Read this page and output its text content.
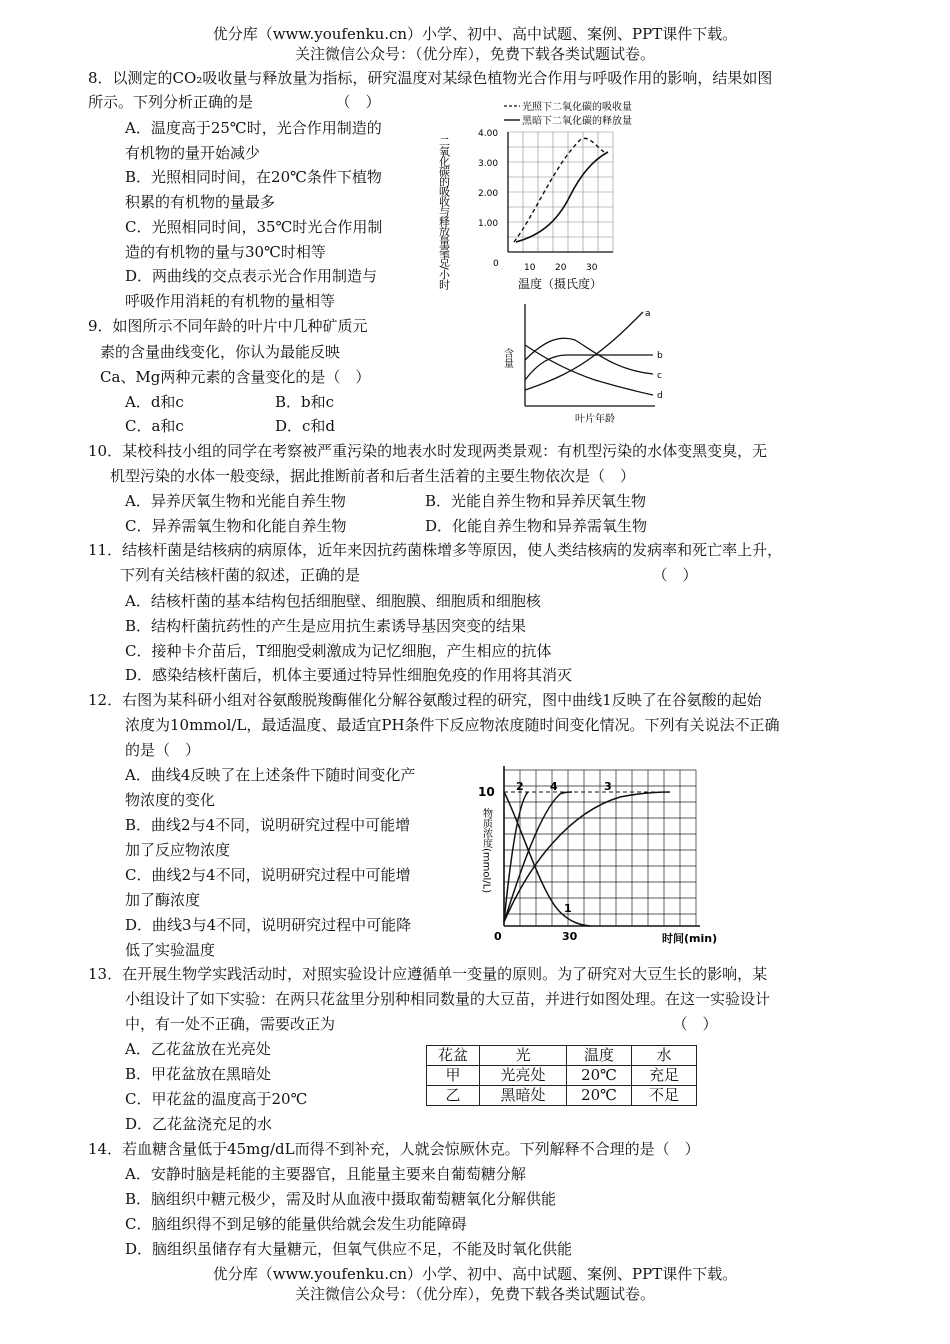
优分库（www.youfenku.cn）小学、初中、高中试题、案例、PPT课件下载。
关注微信公众号：（优分库），免费下载各类试题试卷。
8．以测定的CO₂吸收量与释放量为指标，研究温度对某绿色植物光合作用与呼吸作用的影响，结果如图
所示。下列分析正确的是　　　　　　（　）
A．温度高于25℃时，光合作用制造的
有机物的量开始减少
B．光照相同时间，在20℃条件下植物
积累的有机物的量最多
C．光照相同时间，35℃时光合作用制
造的有机物的量与30℃时相等
D．两曲线的交点表示光合作用制造与
呼吸作用消耗的有机物的量相等
光照下二氧化碳的吸收量
黑暗下二氧化碳的释放量
二氧化碳的吸收与释放量毫克/小时
4.00
3.00
2.00
1.00
0	10 20 30
温度（摄氏度）
9．如图所示不同年龄的叶片中几种矿质元
素的含量曲线变化，你认为最能反映
Ca、Mg两种元素的含量变化的是（　）
A．d和c	B．b和c
C．a和c	D．c和d
含量
a
b
c
d
叶片年龄
10．某校科技小组的同学在考察被严重污染的地表水时发现两类景观：有机型污染的水体变黑变臭，无
机型污染的水体一般变绿，据此推断前者和后者生活着的主要生物依次是（　）
A．异养厌氧生物和光能自养生物	B．光能自养生物和异养厌氧生物
C．异养需氧生物和化能自养生物	D．化能自养生物和异养需氧生物
11．结核杆菌是结核病的病原体，近年来因抗药菌株增多等原因，使人类结核病的发病率和死亡率上升，
下列有关结核杆菌的叙述，正确的是　　　　　　　　　　　　　　　　　　　　（　）
A．结核杆菌的基本结构包括细胞壁、细胞膜、细胞质和细胞核
B．结构杆菌抗药性的产生是应用抗生素诱导基因突变的结果
C．接种卡介苗后，T细胞受刺激成为记忆细胞，产生相应的抗体
D．感染结核杆菌后，机体主要通过特异性细胞免疫的作用将其消灭
12．右图为某科研小组对谷氨酸脱羧酶催化分解谷氨酸过程的研究，图中曲线1反映了在谷氨酸的起始
浓度为10mmol/L，最适温度、最适宜PH条件下反应物浓度随时间变化情况。下列有关说法不正确
的是（　）
A．曲线4反映了在上述条件下随时间变化产
物浓度的变化
B．曲线2与4不同，说明研究过程中可能增
加了反应物浓度
C．曲线2与4不同，说明研究过程中可能增
加了酶浓度
D．曲线3与4不同，说明研究过程中可能降
低了实验温度
10
物质浓度(mmol/L)
1
2	3
4
0	30	时间(min)
13．在开展生物学实践活动时，对照实验设计应遵循单一变量的原则。为了研究对大豆生长的影响，某
小组设计了如下实验：在两只花盆里分别种相同数量的大豆苗，并进行如图处理。在这一实验设计
中，有一处不正确，需要改正为　　　　　　　　　　　　　　　　　　　　　　　（　）
A．乙花盆放在光亮处
B．甲花盆放在黑暗处
C．甲花盆的温度高于20℃
D．乙花盆浇充足的水
花盆	光	温度	水
甲	光亮处	20℃	充足
乙	黑暗处	20℃	不足
14．若血糖含量低于45mg/dL而得不到补充，人就会惊厥休克。下列解释不合理的是（　）
A．安静时脑是耗能的主要器官，且能量主要来自葡萄糖分解
B．脑组织中糖元极少，需及时从血液中摄取葡萄糖氧化分解供能
C．脑组织得不到足够的能量供给就会发生功能障碍
D．脑组织虽储存有大量糖元，但氧气供应不足，不能及时氧化供能
优分库（www.youfenku.cn）小学、初中、高中试题、案例、PPT课件下载。
关注微信公众号：（优分库），免费下载各类试题试卷。
